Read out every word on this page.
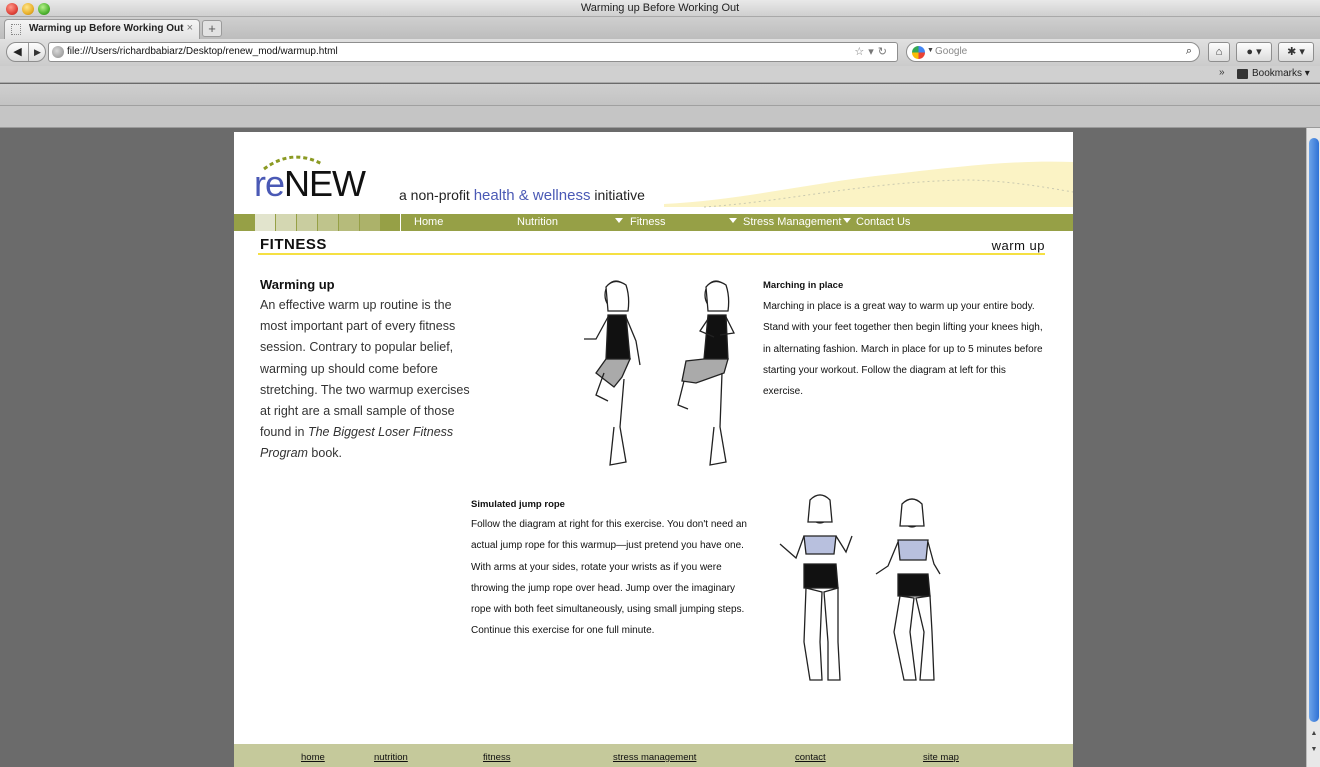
Warming up Before Working Out
Warming up Before Working Out ×	+
◀	▶	file:///Users/richardbabiarz/Desktop/renew_mod/warmup.html	☆▾↻	▼ Google	⌕	⌂	● ▾	✱ ▾
»	Bookmarks ▾
▲
▼
reNEW a non-profit health & wellness initiative
Home	Nutrition	Fitness	Stress Management Contact Us
FITNESS	warm up
Warming up
An effective warm up routine is the most important part of every fitness session. Contrary to popular belief, warming up should come before stretching. The two warmup exercises at right are a small sample of those found in The Biggest Loser Fitness Program book.
Marching in place
Marching in place is a great way to warm up your entire body. Stand with your feet together then begin lifting your knees high, in alternating fashion. March in place for up to 5 minutes before starting your workout. Follow the diagram at left for this exercise.
Simulated jump rope
Follow the diagram at right for this exercise. You don't need an actual jump rope for this warmup—just pretend you have one. With arms at your sides, rotate your wrists as if you were throwing the jump rope over head. Jump over the imaginary rope with both feet simultaneously, using small jumping steps. Continue this exercise for one full minute.
home	nutrition	fitness	stress management	contact	site map
